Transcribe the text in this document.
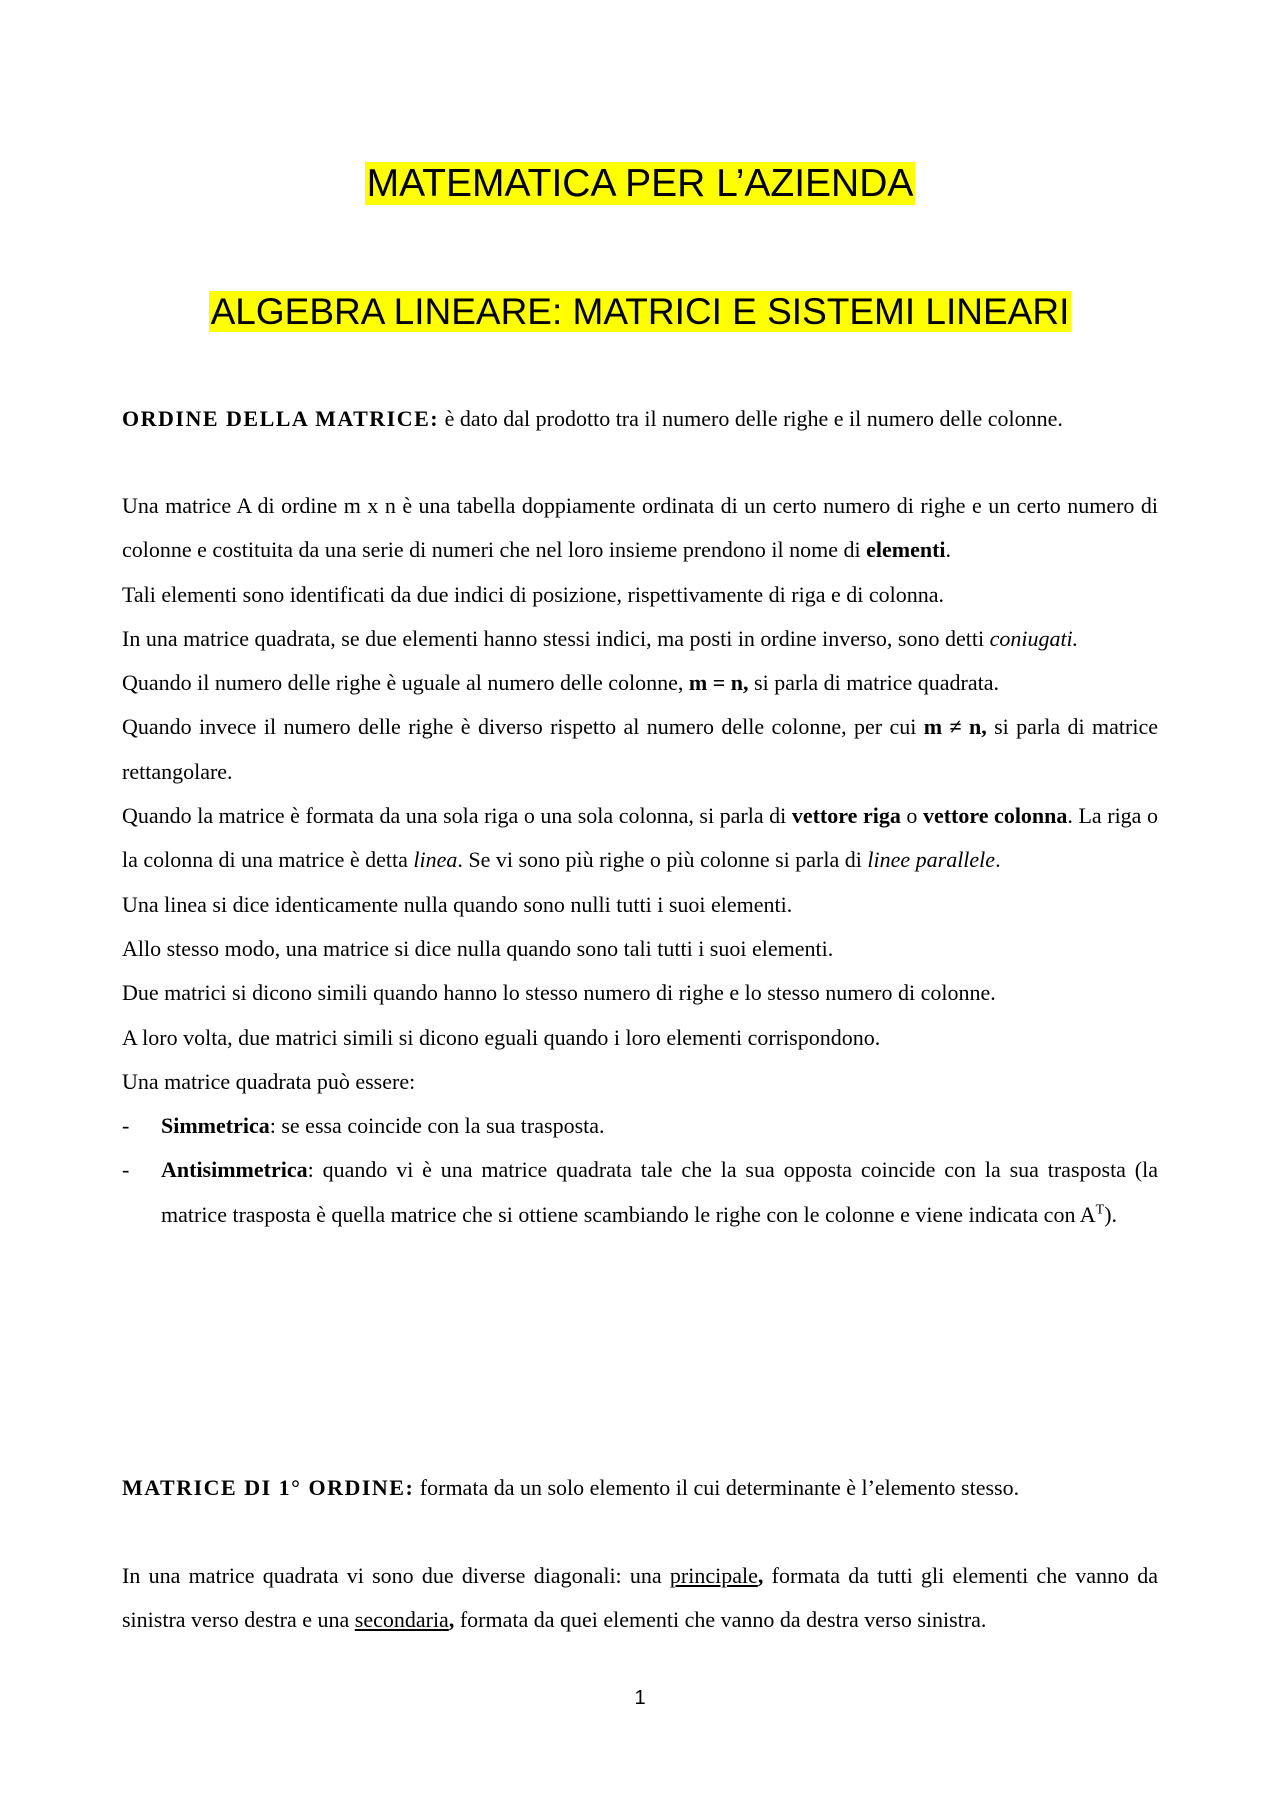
MATEMATICA PER L’AZIENDA
ALGEBRA LINEARE: MATRICI E SISTEMI LINEARI

ORDINE DELLA MATRICE: è dato dal prodotto tra il numero delle righe e il numero delle colonne.

Una matrice A di ordine m x n è una tabella doppiamente ordinata di un certo numero di righe e un certo numero di colonne e costituita da una serie di numeri che nel loro insieme prendono il nome di elementi.

Tali elementi sono identificati da due indici di posizione, rispettivamente di riga e di colonna.

In una matrice quadrata, se due elementi hanno stessi indici, ma posti in ordine inverso, sono detti coniugati.

Quando il numero delle righe è uguale al numero delle colonne, m = n, si parla di matrice quadrata.

Quando invece il numero delle righe è diverso rispetto al numero delle colonne, per cui m ≠ n, si parla di matrice rettangolare.

Quando la matrice è formata da una sola riga o una sola colonna, si parla di vettore riga o vettore colonna. La riga o la colonna di una matrice è detta linea. Se vi sono più righe o più colonne si parla di linee parallele.

Una linea si dice identicamente nulla quando sono nulli tutti i suoi elementi.

Allo stesso modo, una matrice si dice nulla quando sono tali tutti i suoi elementi.

Due matrici si dicono simili quando hanno lo stesso numero di righe e lo stesso numero di colonne.

A loro volta, due matrici simili si dicono eguali quando i loro elementi corrispondono.

Una matrice quadrata può essere:

- Simmetrica: se essa coincide con la sua trasposta.
- Antisimmetrica: quando vi è una matrice quadrata tale che la sua opposta coincide con la sua trasposta (la matrice trasposta è quella matrice che si ottiene scambiando le righe con le colonne e viene indicata con $A^T$).

MATRICE DI 1° ORDINE: formata da un solo elemento il cui determinante è l’elemento stesso.

In una matrice quadrata vi sono due diverse diagonali: una principale, formata da tutti gli elementi che vanno da sinistra verso destra e una secondaria, formata da quei elementi che vanno da destra verso sinistra.

1
